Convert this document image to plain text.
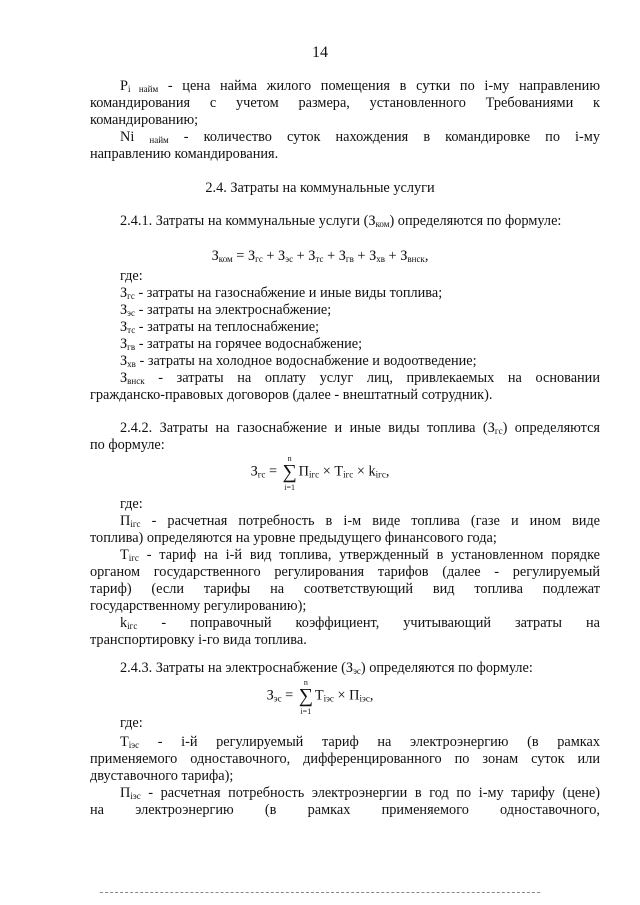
14
$P_{i найм}$ - цена найма жилого помещения в сутки по i-му направлению
командирования с учетом размера, установленного Требованиями к
командированию;
Ni $_{найм}$ - количество суток нахождения в командировке по i-му
направлению командирования.
2.4. Затраты на коммунальные услуги
2.4.1. Затраты на коммунальные услуги $(З_{ком})$ определяются по формуле:
$З_{ком} = З_{гс} + З_{эс} + З_{тс} + З_{гв} + З_{хв} + З_{внск}$,
где:
$З_{гс}$ - затраты на газоснабжение и иные виды топлива;
$З_{эс}$ - затраты на электроснабжение;
$З_{тс}$ - затраты на теплоснабжение;
$З_{гв}$ - затраты на горячее водоснабжение;
$З_{хв}$ - затраты на холодное водоснабжение и водоотведение;
$З_{внск}$ - затраты на оплату услуг лиц, привлекаемых на основании
гражданско-правовых договоров (далее - внештатный сотрудник).
2.4.2. Затраты на газоснабжение и иные виды топлива $(З_{гс})$ определяются
по формуле:
$З_{гс}$ =
n
∑
i=1
$П_{iгс} \times Т_{iгс} \times k_{iгс}$,
где:
$П_{iгс}$ - расчетная потребность в i-м виде топлива (газе и ином виде
топлива) определяются на уровне предыдущего финансового года;
$Т_{iгс}$ - тариф на i-й вид топлива, утвержденный в установленном порядке
органом государственного регулирования тарифов (далее - регулируемый
тариф) (если тарифы на соответствующий вид топлива подлежат
государственному регулированию);
$k_{iгс}$ - поправочный коэффициент, учитывающий затраты на
транспортировку i-го вида топлива.
2.4.3. Затраты на электроснабжение $(З_{эс})$ определяются по формуле:
$З_{эс}$ =
n
∑
i=1
$Т_{iэс} \times П_{iэс}$,
где:
$Т_{iэс} - i-й$ регулируемый тариф на электроэнергию (в рамках
применяемого одноставочного, дифференцированного по зонам суток или
двуставочного тарифа);
$П_{iэс}$ - расчетная потребность электроэнергии в год по i-му тарифу (цене)
на электроэнергию (в рамках применяемого одноставочного,
